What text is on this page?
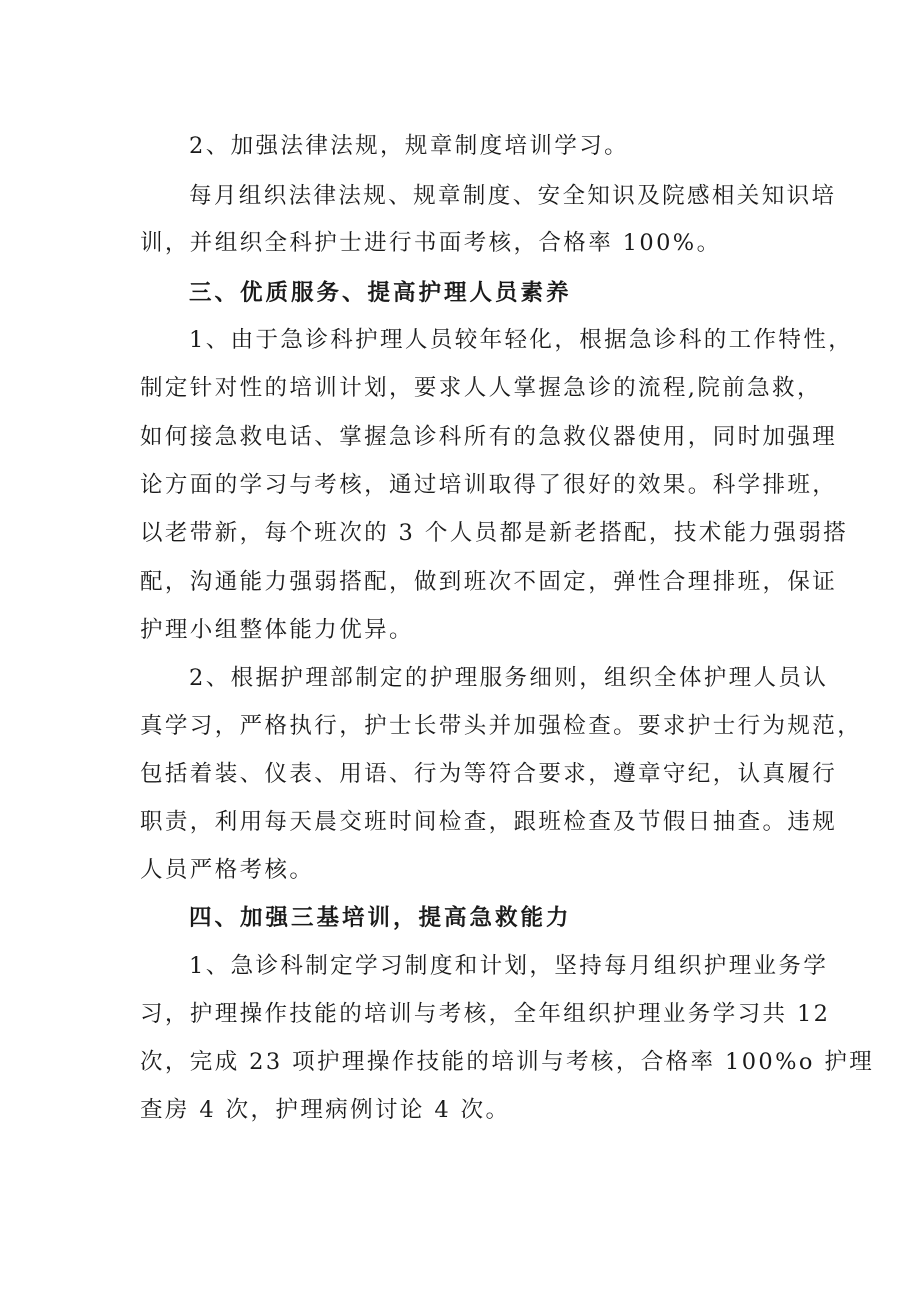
2、加强法律法规，规章制度培训学习。
每月组织法律法规、规章制度、安全知识及院感相关知识培
训，并组织全科护士进行书面考核，合格率 100%。
三、优质服务、提高护理人员素养
1、由于急诊科护理人员较年轻化，根据急诊科的工作特性，
制定针对性的培训计划，要求人人掌握急诊的流程,院前急救，
如何接急救电话、掌握急诊科所有的急救仪器使用，同时加强理
论方面的学习与考核，通过培训取得了很好的效果。科学排班，
以老带新，每个班次的 3 个人员都是新老搭配，技术能力强弱搭
配，沟通能力强弱搭配，做到班次不固定，弹性合理排班，保证
护理小组整体能力优异。
2、根据护理部制定的护理服务细则，组织全体护理人员认
真学习，严格执行，护士长带头并加强检查。要求护士行为规范，
包括着装、仪表、用语、行为等符合要求，遵章守纪，认真履行
职责，利用每天晨交班时间检查，跟班检查及节假日抽查。违规
人员严格考核。
四、加强三基培训，提高急救能力
1、急诊科制定学习制度和计划，坚持每月组织护理业务学
习，护理操作技能的培训与考核，全年组织护理业务学习共 12
次，完成 23 项护理操作技能的培训与考核，合格率 100%o 护理
查房 4 次，护理病例讨论 4 次。
